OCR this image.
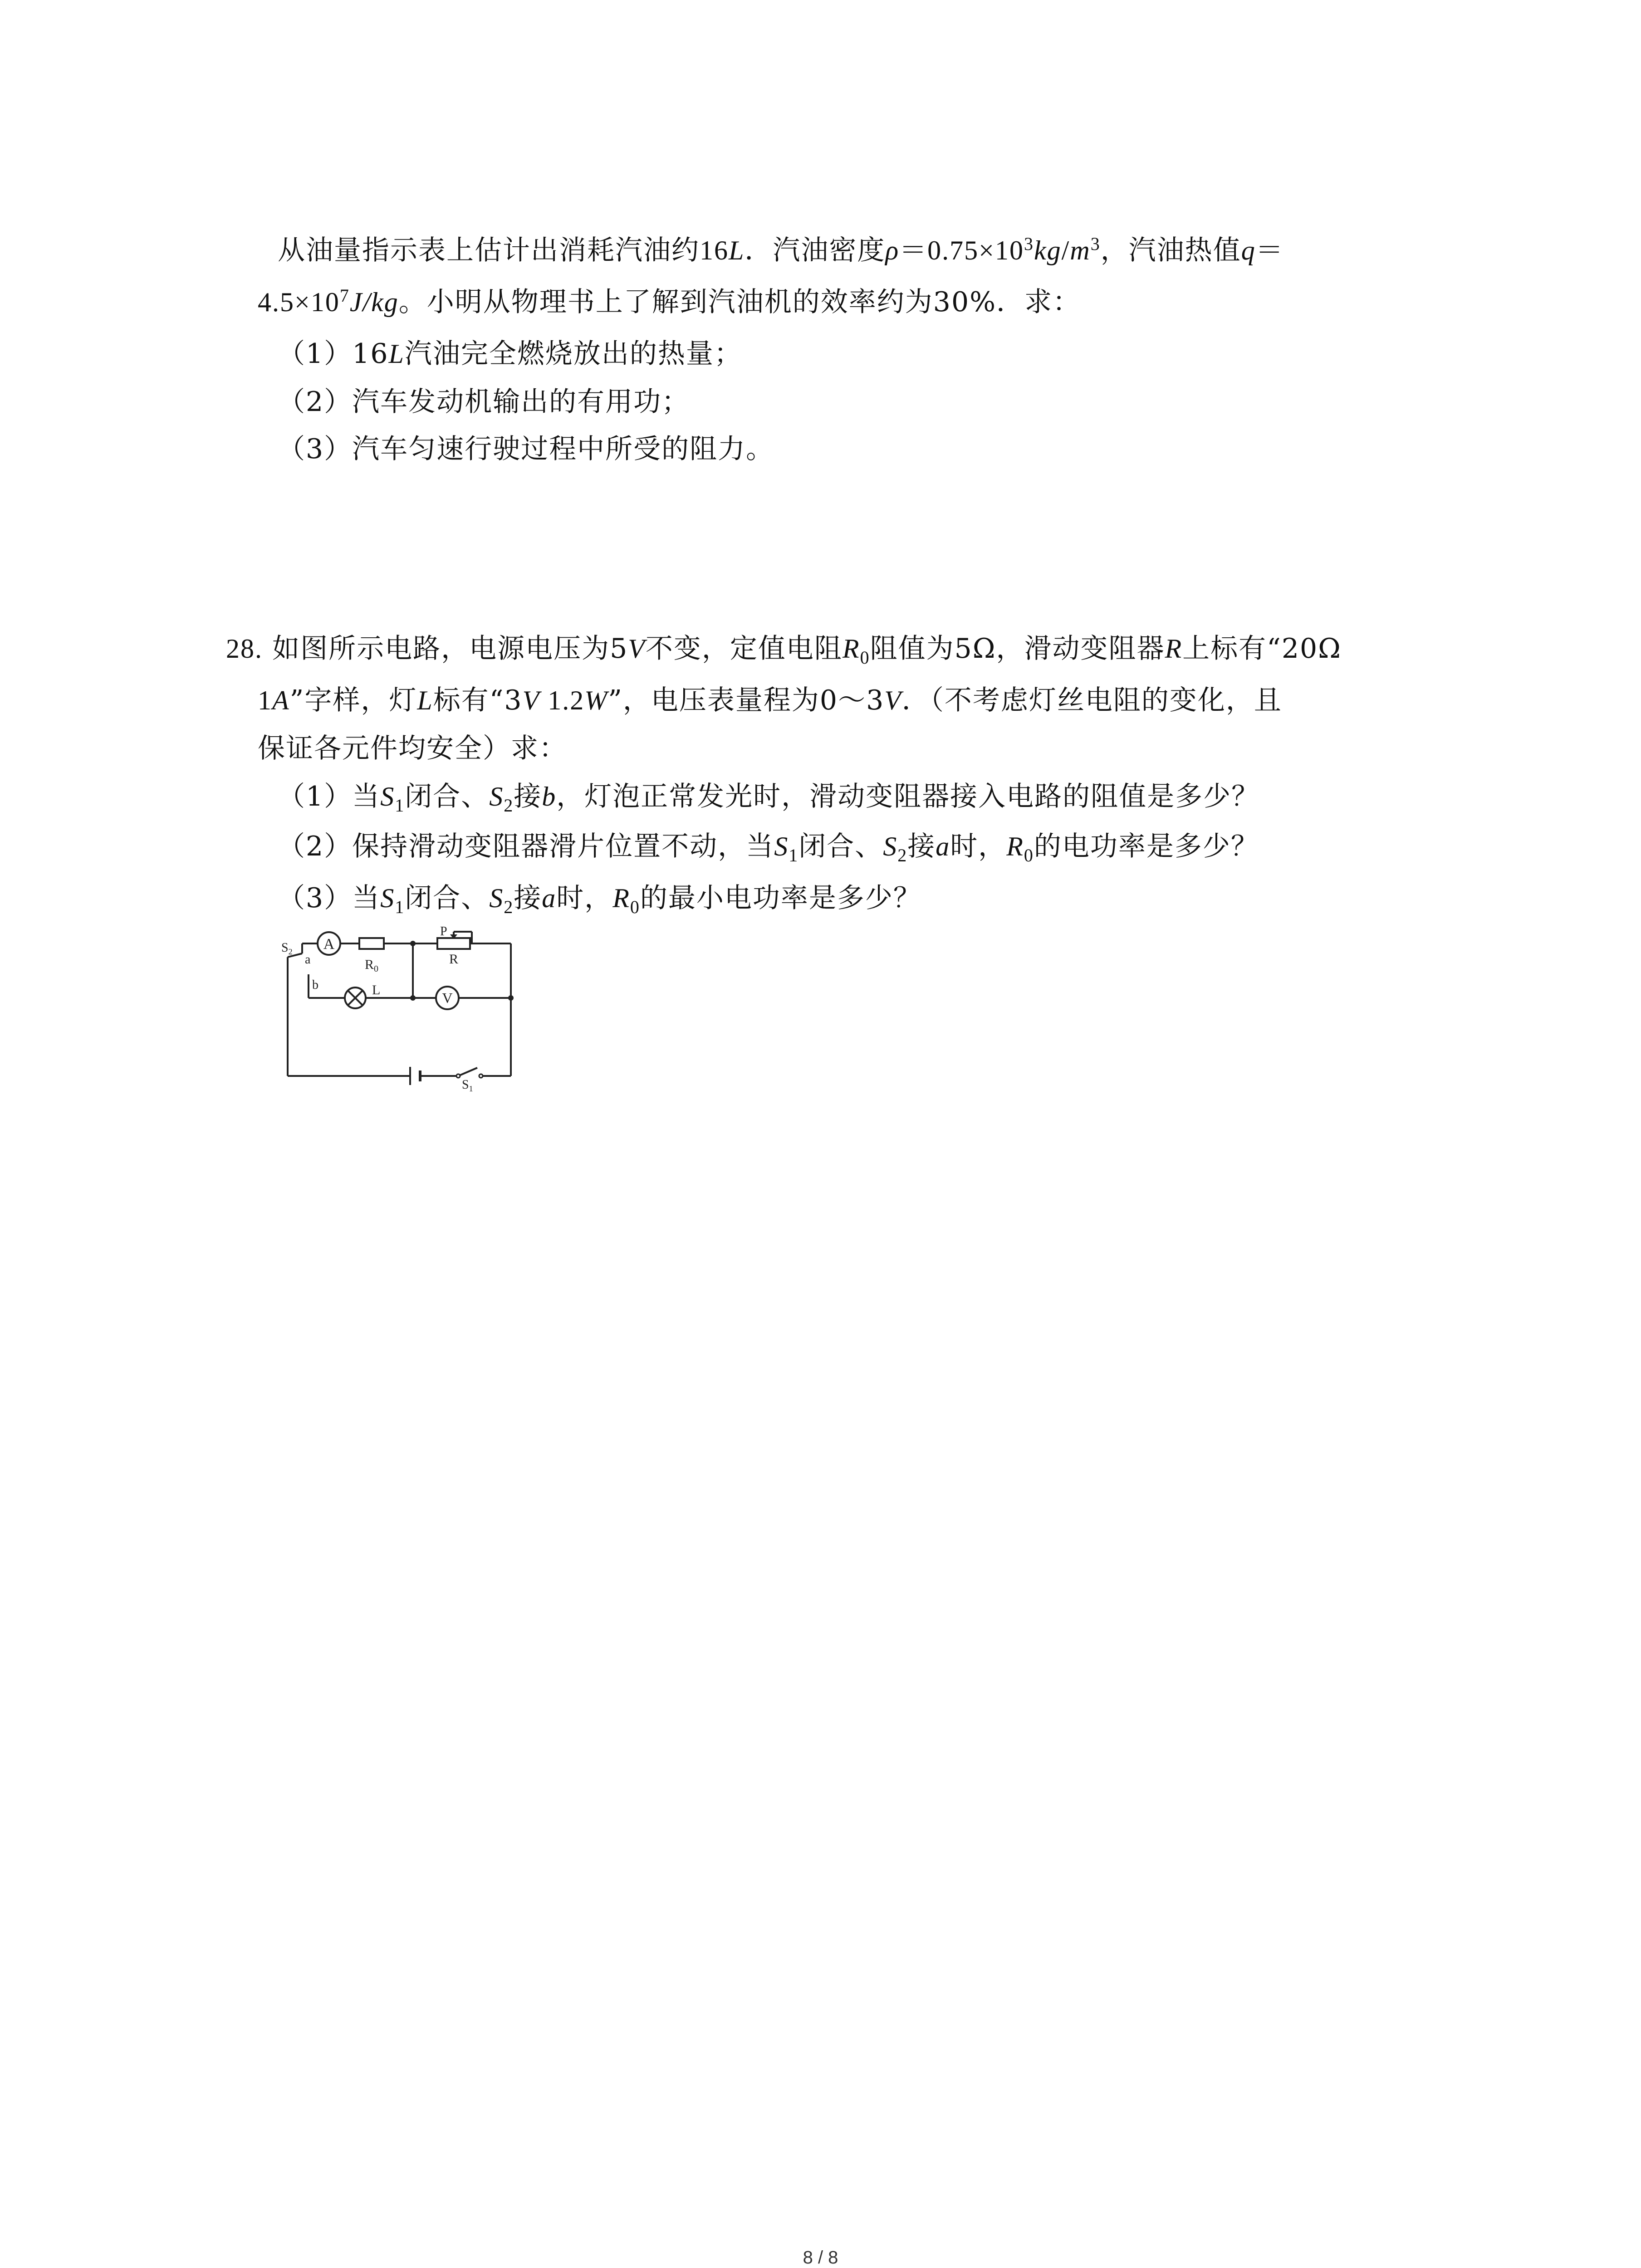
从油量指示表上估计出消耗汽油约16L．汽油密度$\rho=0.75\times 10^3kg/m^3$，汽油热值q＝
$4.5\times 10^7J/kg$。小明从物理书上了解到汽油机的效率约为30%．求：
（1）16L汽油完全燃烧放出的热量；
（2）汽车发动机输出的有用功；
（3）汽车匀速行驶过程中所受的阻力。
28. 如图所示电路，电源电压为5V不变，定值电阻$R_0$阻值为5Ω，滑动变阻器R上标有“20Ω
1A”字样，灯L标有“3V 1.2W”，电压表量程为0～3V．（不考虑灯丝电阻的变化，且
保证各元件均安全）求：
（1）当$S_1$闭合、$S_2$接b，灯泡正常发光时，滑动变阻器接入电路的阻值是多少？
（2）保持滑动变阻器滑片位置不动，当$S_1$闭合、$S_2$接a时，$R_0$的电功率是多少？
（3）当$S_1$闭合、$S_2$接a时，$R_0$的最小电功率是多少？
A
$R_0$
P
R
L	V
$S_1$
$S_2$
a
b
8 / 8
